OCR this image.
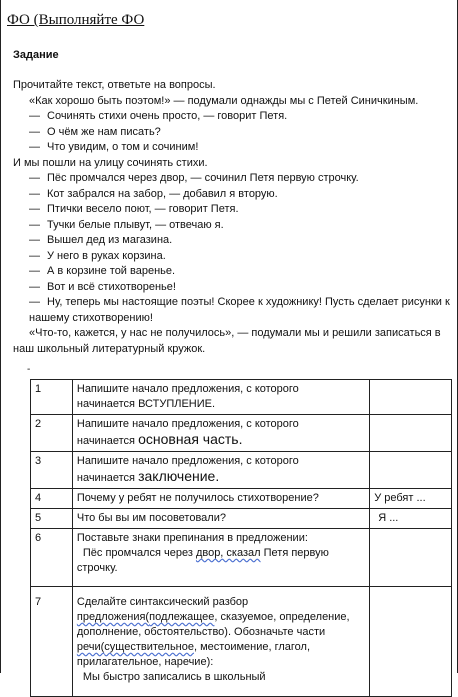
ФО (Выполняйте ФО
Задание

Прочитайте текст, ответьте на вопросы.

«Как хорошо быть поэтом!» — подумали однажды мы с Петей Синичкиным.

— Сочинять стихи очень просто, — говорит Петя.

— О чём же нам писать?

— Что увидим, о том и сочиним!

И мы пошли на улицу сочинять стихи.

— Пёс промчался через двор, — сочинил Петя первую строчку.

— Кот забрался на забор, — добавил я вторую.

— Птички весело поют, — говорит Петя.

— Тучки белые плывут, — отвечаю я.

— Вышел дед из магазина.

— У него в руках корзина.

— А в корзине той варенье.

— Вот и всё стихотворенье!

— Ну, теперь мы настоящие поэты! Скорее к художнику! Пусть сделает рисунки к нашему стихотворению!

«Что-то, кажется, у нас не получилось», — подумали мы и решили записаться в наш школьный литературный кружок.

-
1	Напишите начало предложения, с которого
начинается ВСТУПЛЕНИЕ.	

2	Напишите начало предложения, с которого
начинается основная часть.	

3	Напишите начало предложения, с которого
начинается заключение.	

4	Почему у ребят не получилось стихотворение?	У ребят ...
5	Что бы вы им посоветовали?	Я ...
6	Поставьте знаки препинания в предложении:
Пёс промчался через двор, сказал Петя первую
строчку.	

7	Сделайте синтаксический разбор предложения(подлежащее, сказуемое, определение, дополнение, обстоятельство). Обозначьте части речи(существительное, местоимение, глагол, прилагательное, наречие):
Мы быстро записались в школьный	
